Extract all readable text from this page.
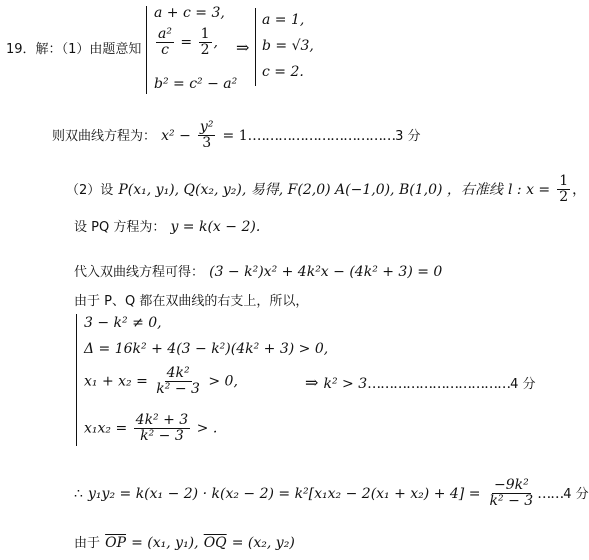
19．解：（1）由题意知
a + c = 3,
$\frac{\text{a²}}{c} = \frac{1}{2}$ ,
b² = c² − a²
⇒
a = 1,
b = √3,
c = 2.
则双曲线方程为： $x^2 - \frac{\text{y²}}{3}$ = 1.……………………………3 分
（2）设 P(x₁, y₁), Q(x₂, y₂), 易得, F(2,0) A(−1,0), B(1,0) ，右准线 l : $x = \frac{1}{2}$ ，
设 PQ 方程为： y = k(x − 2).
代入双曲线方程可得： (3 − k²)x² + 4k²x − (4k² + 3) = 0
由于 P、Q 都在双曲线的右支上，所以，
3 − k² ≠ 0,
Δ = 16k² + 4(3 − k²)(4k² + 3) > 0,
$x_1 + x_2 = \frac{\text{4k²}}{\text{k² − 3}} > 0$,
$x_1x_2 = \frac{\text{4k² + 3}}{\text{k² − 3}}$ > .
⇒ k² > 3……………………………4 分
∴ $y_1y_2 = k(x_1 - 2) \cdot k(x_2 - 2) = k^2[x_1x_2 - 2(x_1 + x_2) + 4] = \frac{\text{−9k²}}{\text{k² − 3}}$ ……4 分
由于 $\overline{OP} = (x_1$, y₁), $\overline{OQ} = (x_2$, y₂)
